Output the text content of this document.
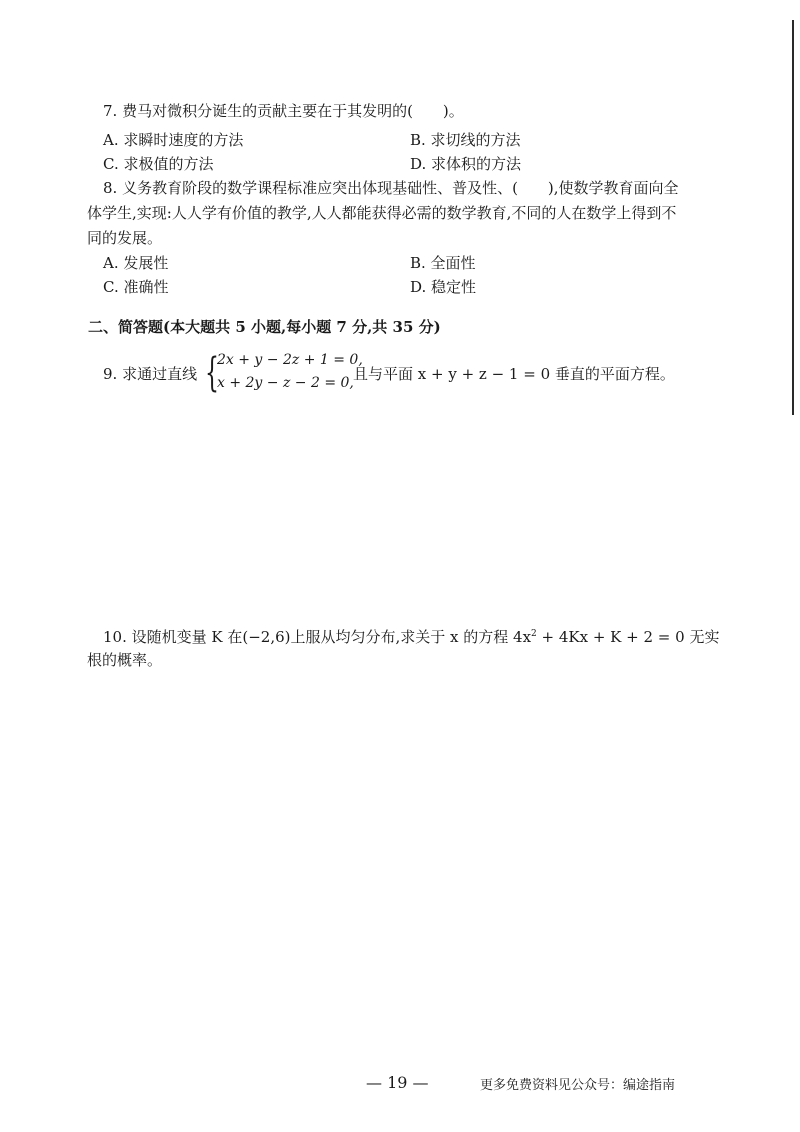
7. 费马对微积分诞生的贡献主要在于其发明的(　　)。
A. 求瞬时速度的方法	B. 求切线的方法
C. 求极值的方法	D. 求体积的方法
8. 义务教育阶段的数学课程标准应突出体现基础性、普及性、(　　),使数学教育面向全
体学生,实现:人人学有价值的教学,人人都能获得必需的数学教育,不同的人在数学上得到不
同的发展。
A. 发展性	B. 全面性
C. 准确性	D. 稳定性
二、简答题(本大题共 5 小题,每小题 7 分,共 35 分)
9. 求通过直线 {
2x + y − 2z + 1 = 0,
x + 2y − z − 2 = 0, 且与平面 x + y + z − 1 = 0 垂直的平面方程。
10. 设随机变量 K 在(−2,6)上服从均匀分布,求关于 x 的方程 $4x^2 + 4Kx + K + 2 = 0$ 无实
根的概率。
— 19 —	更多免费资料见公众号：编途指南
